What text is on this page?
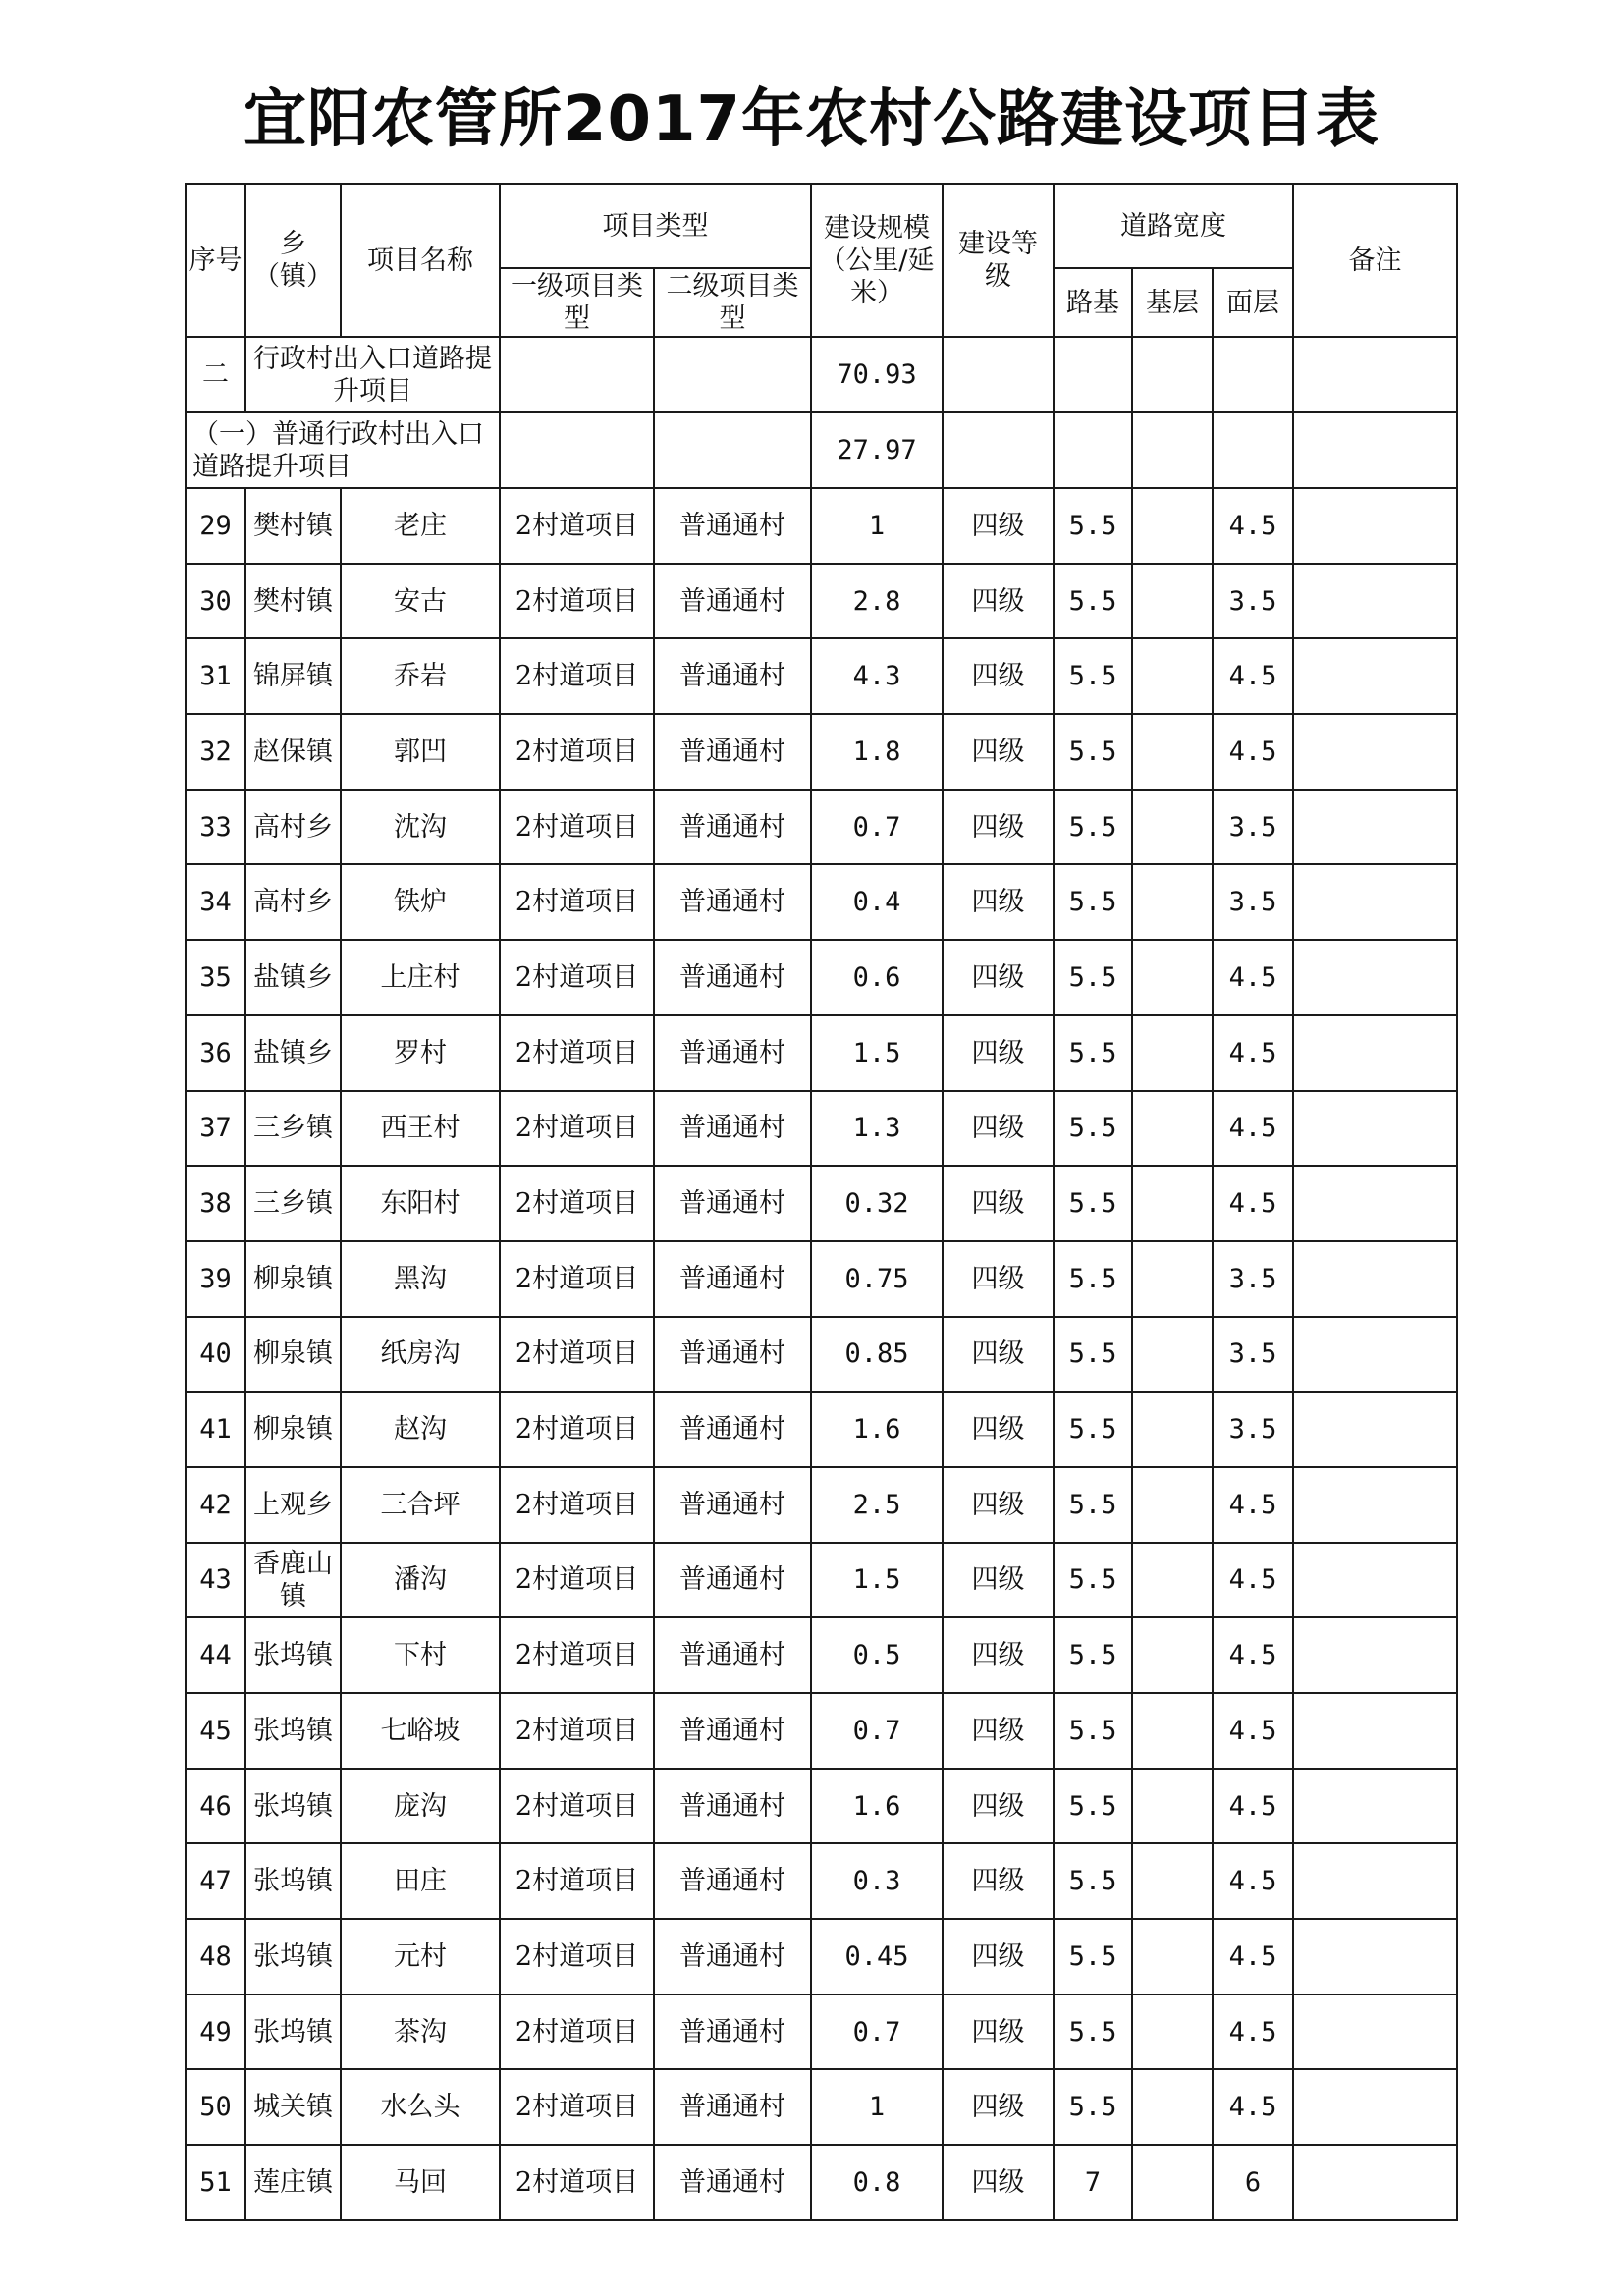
宜阳农管所2017年农村公路建设项目表
序号	乡（镇）	项目名称	项目类型		建设规模（公里/延米）	建设等级	道路宽度			备注
			一级项目类型	二级项目类型			路基	基层	面层	
二	行政村出入口道路提升项目				70.93					
（一）普通行政村出入口道路提升项目					27.97					
29	樊村镇	老庄	2村道项目	普通通村	1	四级	5.5		4.5	
30	樊村镇	安古	2村道项目	普通通村	2.8	四级	5.5		3.5	
31	锦屏镇	乔岩	2村道项目	普通通村	4.3	四级	5.5		4.5	
32	赵保镇	郭凹	2村道项目	普通通村	1.8	四级	5.5		4.5	
33	高村乡	沈沟	2村道项目	普通通村	0.7	四级	5.5		3.5	
34	高村乡	铁炉	2村道项目	普通通村	0.4	四级	5.5		3.5	
35	盐镇乡	上庄村	2村道项目	普通通村	0.6	四级	5.5		4.5	
36	盐镇乡	罗村	2村道项目	普通通村	1.5	四级	5.5		4.5	
37	三乡镇	西王村	2村道项目	普通通村	1.3	四级	5.5		4.5	
38	三乡镇	东阳村	2村道项目	普通通村	0.32	四级	5.5		4.5	
39	柳泉镇	黑沟	2村道项目	普通通村	0.75	四级	5.5		3.5	
40	柳泉镇	纸房沟	2村道项目	普通通村	0.85	四级	5.5		3.5	
41	柳泉镇	赵沟	2村道项目	普通通村	1.6	四级	5.5		3.5	
42	上观乡	三合坪	2村道项目	普通通村	2.5	四级	5.5		4.5	
43	香鹿山镇	潘沟	2村道项目	普通通村	1.5	四级	5.5		4.5	
44	张坞镇	下村	2村道项目	普通通村	0.5	四级	5.5		4.5	
45	张坞镇	七峪坡	2村道项目	普通通村	0.7	四级	5.5		4.5	
46	张坞镇	庞沟	2村道项目	普通通村	1.6	四级	5.5		4.5	
47	张坞镇	田庄	2村道项目	普通通村	0.3	四级	5.5		4.5	
48	张坞镇	元村	2村道项目	普通通村	0.45	四级	5.5		4.5	
49	张坞镇	茶沟	2村道项目	普通通村	0.7	四级	5.5		4.5	
50	城关镇	水么头	2村道项目	普通通村	1	四级	5.5		4.5	
51	莲庄镇	马回	2村道项目	普通通村	0.8	四级	7		6	
